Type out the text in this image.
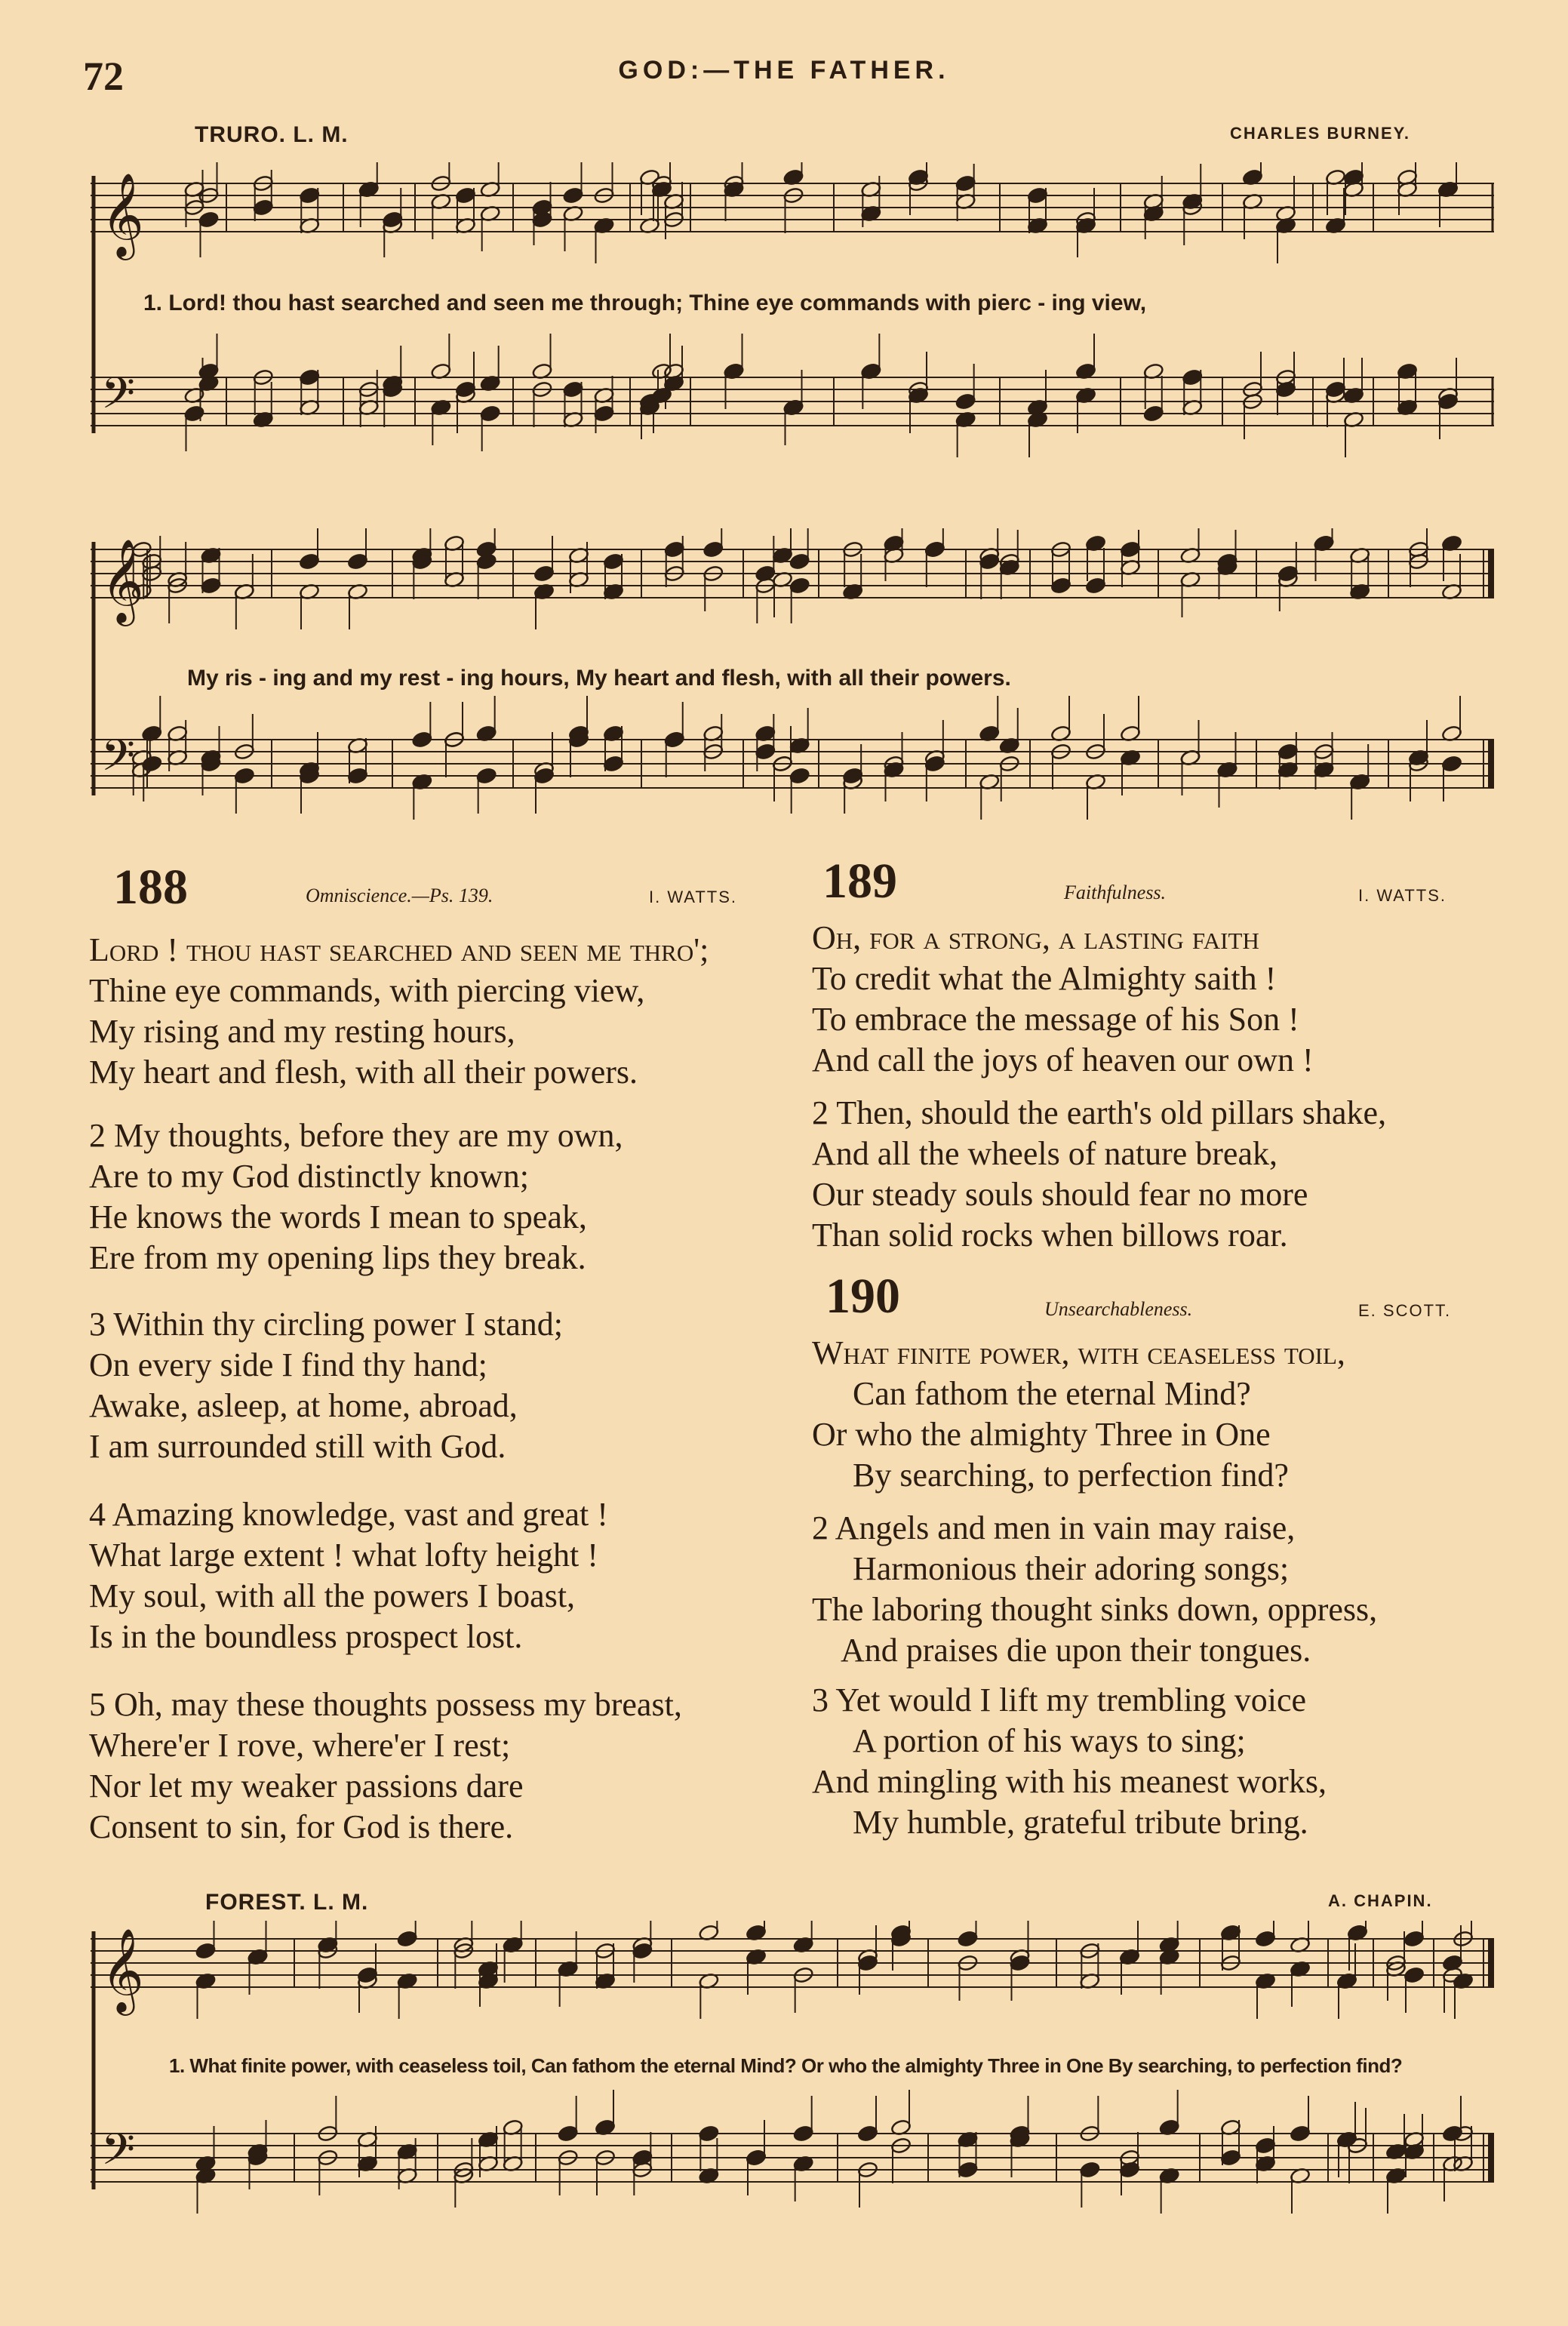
72	GOD:—THE FATHER.
TRURO. L. M.	CHARLES BURNEY.
𝄞
𝄢
1. Lord! thou hast searched and seen me through; Thine eye commands with pierc - ing view,
𝄞
𝄢
My ris - ing and my rest - ing hours, My heart and flesh, with all their powers.
188	Omniscience.—Ps. 139.	I. WATTS.
Lord ! thou hast searched and seen me thro';
Thine eye commands, with piercing view,
My rising and my resting hours,
My heart and flesh, with all their powers.
2 My thoughts, before they are my own,
Are to my God distinctly known;
He knows the words I mean to speak,
Ere from my opening lips they break.
3 Within thy circling power I stand;
On every side I find thy hand;
Awake, asleep, at home, abroad,
I am surrounded still with God.
4 Amazing knowledge, vast and great !
What large extent ! what lofty height !
My soul, with all the powers I boast,
Is in the boundless prospect lost.
5 Oh, may these thoughts possess my breast,
Where'er I rove, where'er I rest;
Nor let my weaker passions dare
Consent to sin, for God is there.
189	Faithfulness.	I. WATTS.
Oh, for a strong, a lasting faith
To credit what the Almighty saith !
To embrace the message of his Son !
And call the joys of heaven our own !
2 Then, should the earth's old pillars shake,
And all the wheels of nature break,
Our steady souls should fear no more
Than solid rocks when billows roar.
190	Unsearchableness.	E. SCOTT.
What finite power, with ceaseless toil,
Can fathom the eternal Mind?
Or who the almighty Three in One
By searching, to perfection find?
2 Angels and men in vain may raise,
Harmonious their adoring songs;
The laboring thought sinks down, oppress,
And praises die upon their tongues.
3 Yet would I lift my trembling voice
A portion of his ways to sing;
And mingling with his meanest works,
My humble, grateful tribute bring.
FOREST. L. M.	A. CHAPIN.
𝄞
𝄢
1. What finite power, with ceaseless toil, Can fathom the eternal Mind? Or who the almighty Three in One By searching, to perfection find?
